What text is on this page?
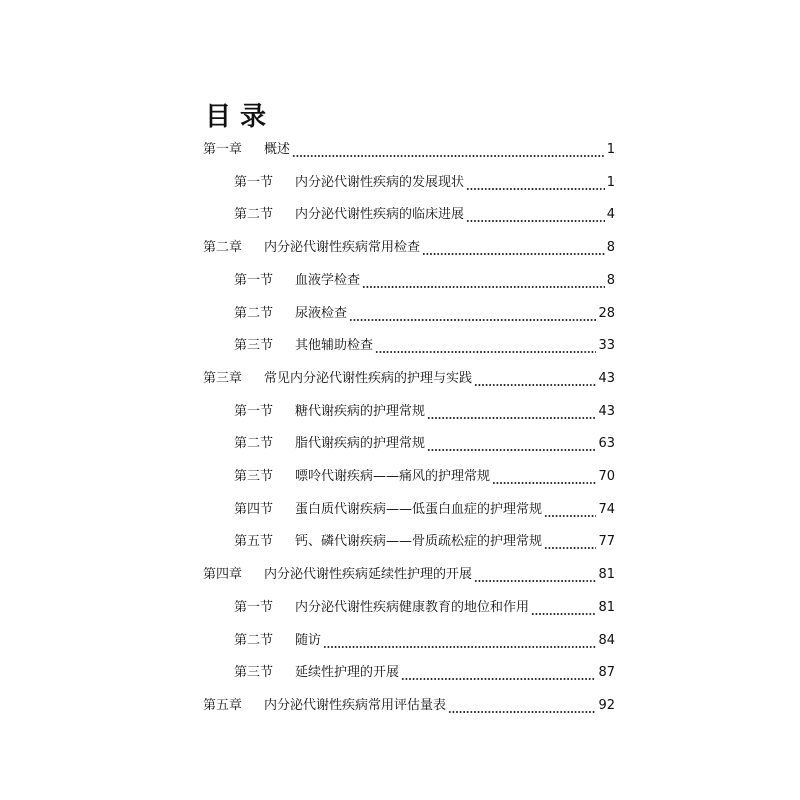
目 录
第一章	概述	1
第一节	内分泌代谢性疾病的发展现状	1
第二节	内分泌代谢性疾病的临床进展	4
第二章	内分泌代谢性疾病常用检查	8
第一节	血液学检查	8
第二节	尿液检查	28
第三节	其他辅助检查	33
第三章	常见内分泌代谢性疾病的护理与实践	43
第一节	糖代谢疾病的护理常规	43
第二节	脂代谢疾病的护理常规	63
第三节	嘌呤代谢疾病——痛风的护理常规	70
第四节	蛋白质代谢疾病——低蛋白血症的护理常规	74
第五节	钙、磷代谢疾病——骨质疏松症的护理常规	77
第四章	内分泌代谢性疾病延续性护理的开展	81
第一节	内分泌代谢性疾病健康教育的地位和作用	81
第二节	随访	84
第三节	延续性护理的开展	87
第五章	内分泌代谢性疾病常用评估量表	92
